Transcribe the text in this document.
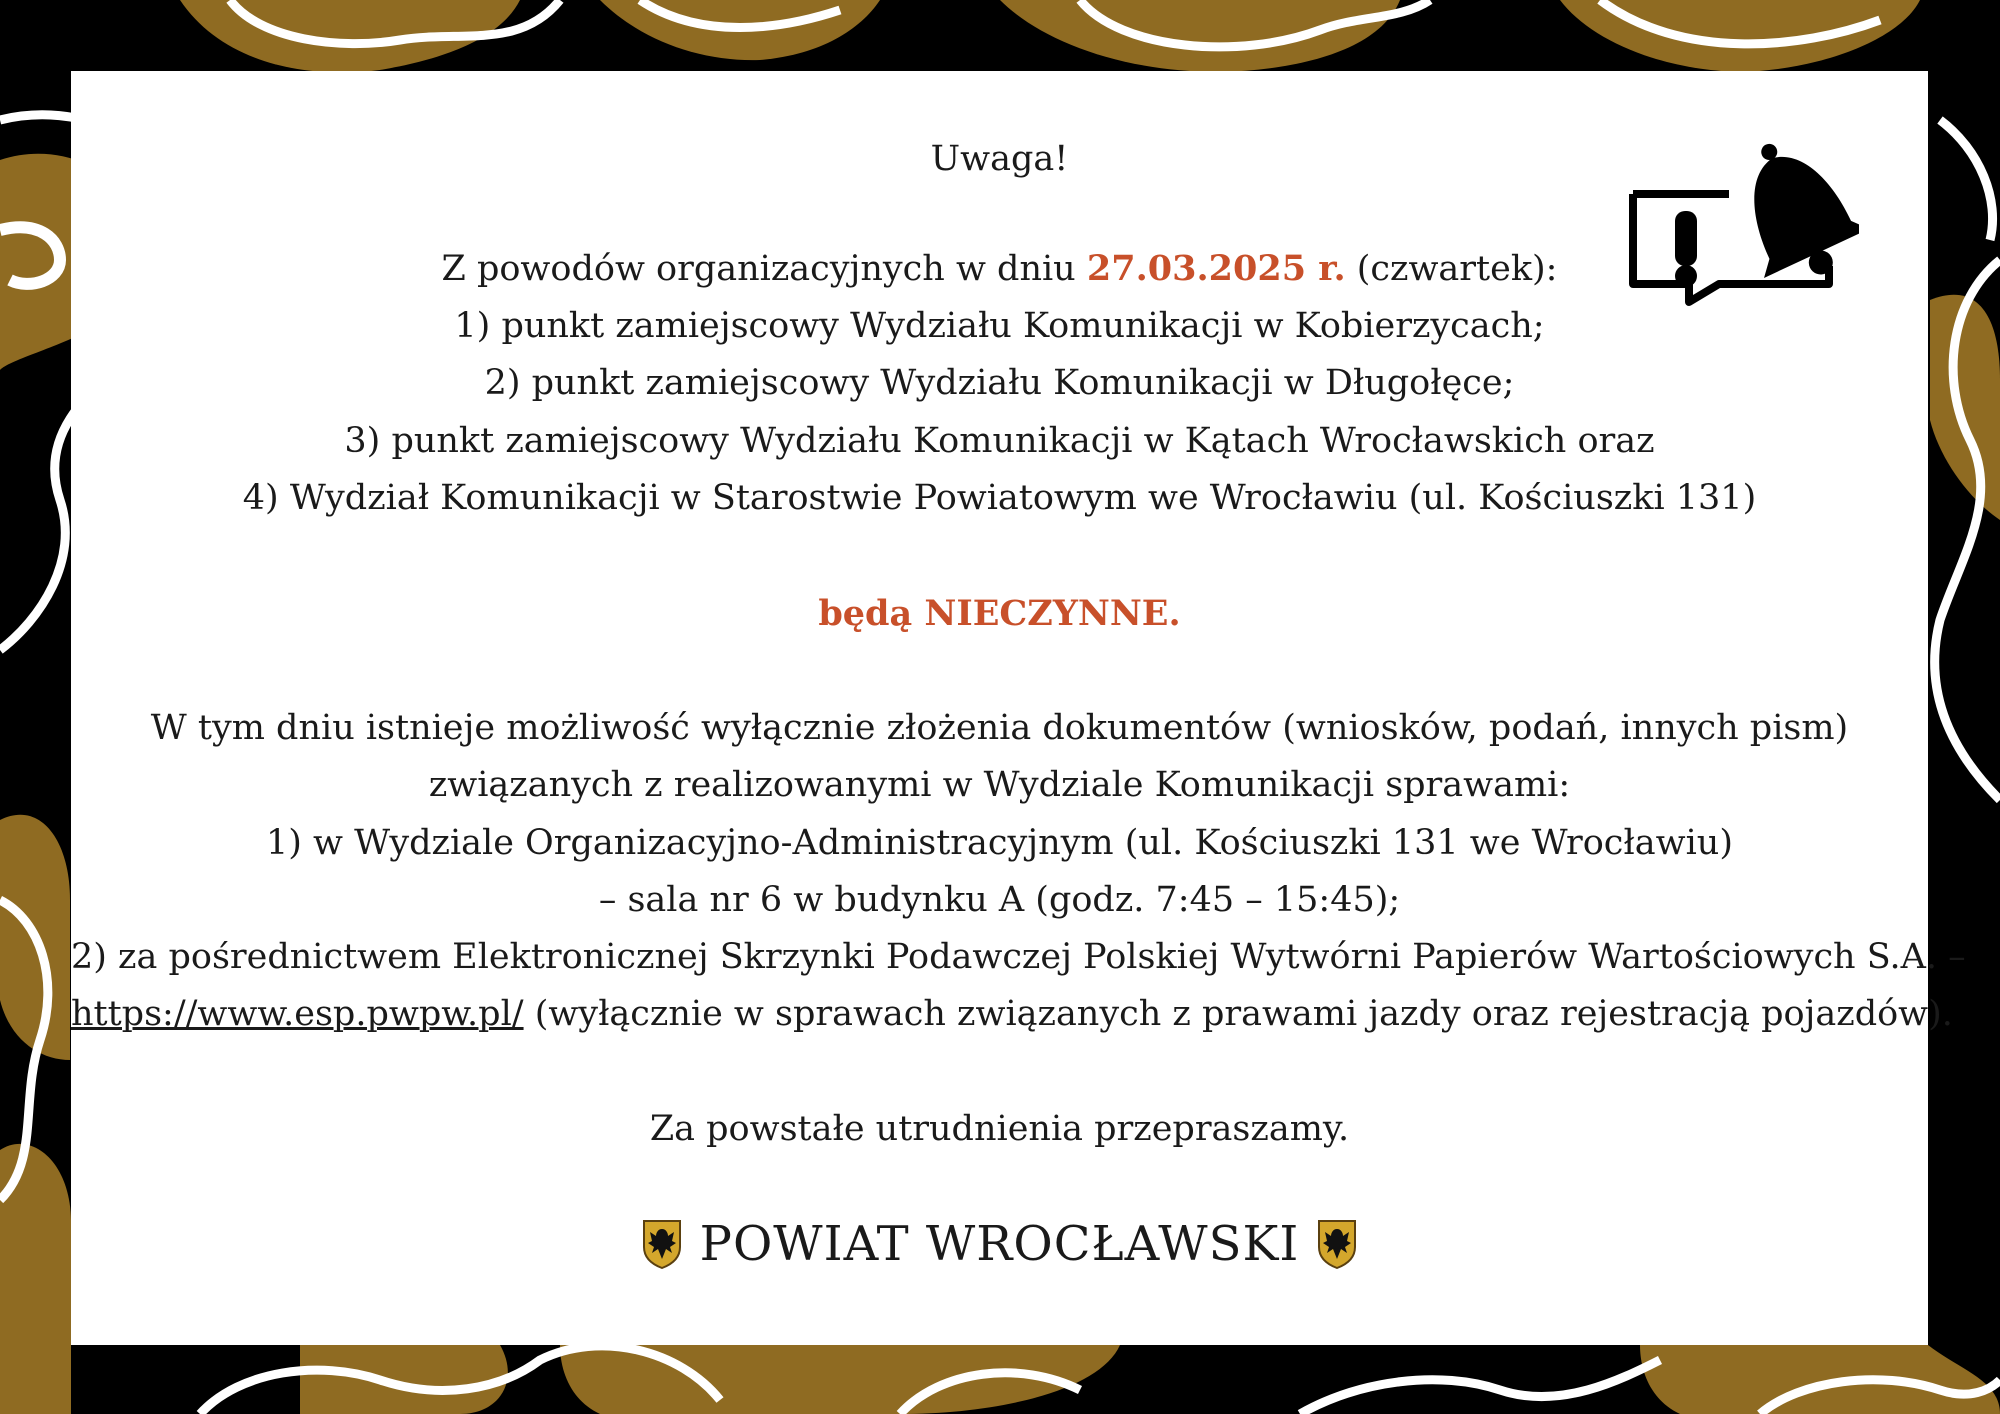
Uwaga!
Z powodów organizacyjnych w dniu 27.03.2025 r. (czwartek):
1) punkt zamiejscowy Wydziału Komunikacji w Kobierzycach;
2) punkt zamiejscowy Wydziału Komunikacji w Długołęce;
3) punkt zamiejscowy Wydziału Komunikacji w Kątach Wrocławskich oraz
4) Wydział Komunikacji w Starostwie Powiatowym we Wrocławiu (ul. Kościuszki 131)
będą NIECZYNNE.
W tym dniu istnieje możliwość wyłącznie złożenia dokumentów (wniosków, podań, innych pism)
związanych z realizowanymi w Wydziale Komunikacji sprawami:
1) w Wydziale Organizacyjno-Administracyjnym (ul. Kościuszki 131 we Wrocławiu)
– sala nr 6 w budynku A (godz. 7:45 – 15:45);
2) za pośrednictwem Elektronicznej Skrzynki Podawczej Polskiej Wytwórni Papierów Wartościowych S.A. –
https://www.esp.pwpw.pl/ (wyłącznie w sprawach związanych z prawami jazdy oraz rejestracją pojazdów).
Za powstałe utrudnienia przepraszamy.
POWIAT WROCŁAWSKI
